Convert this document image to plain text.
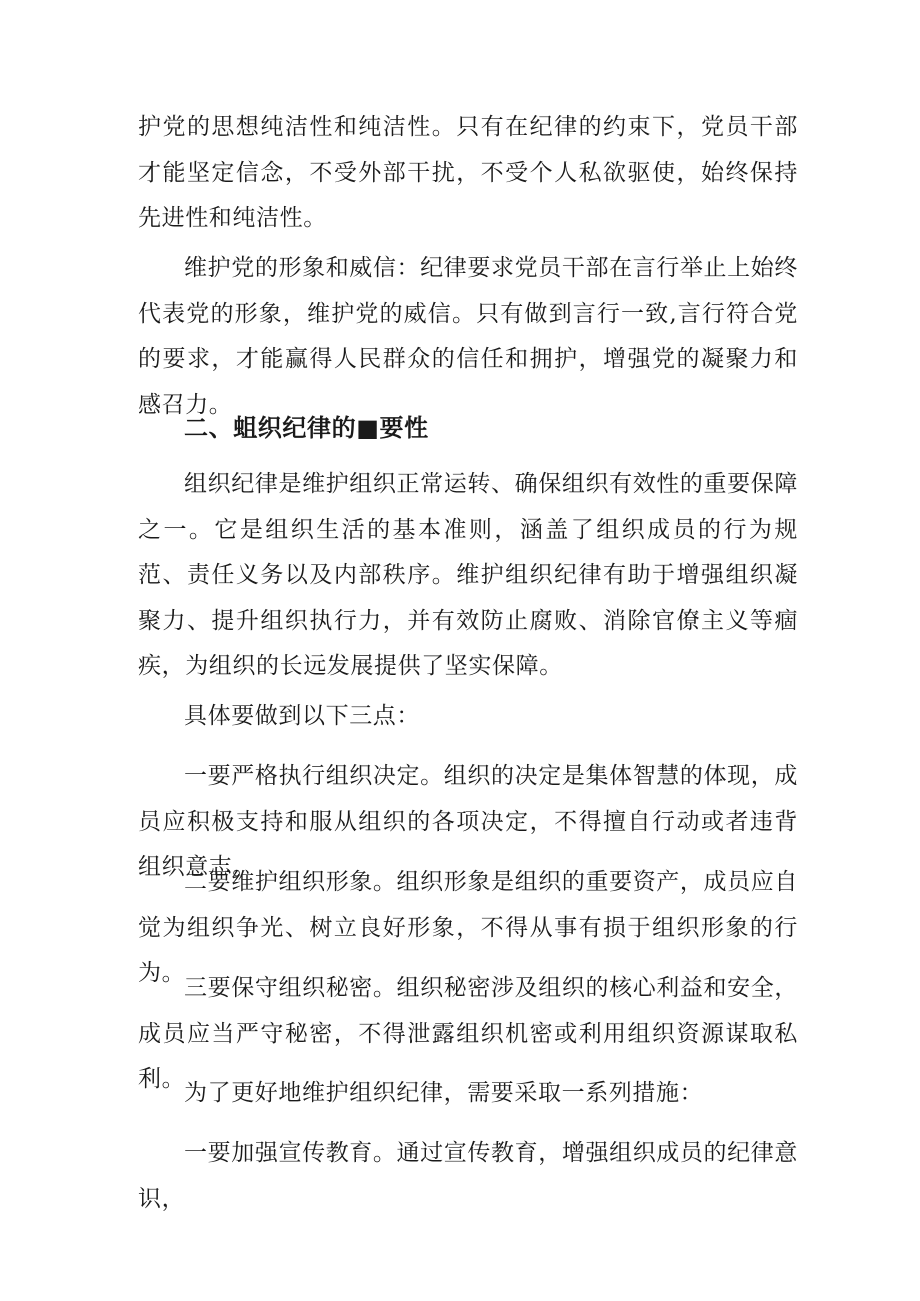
护党的思想纯洁性和纯洁性。只有在纪律的约束下，党员干部才能坚定信念，不受外部干扰，不受个人私欲驱使，始终保持先进性和纯洁性。

维护党的形象和威信：纪律要求党员干部在言行举止上始终代表党的形象，维护党的威信。只有做到言行一致,言行符合党的要求，才能赢得人民群众的信任和拥护，增强党的凝聚力和感召力。

二、蛆织纪律的■要性

组织纪律是维护组织正常运转、确保组织有效性的重要保障之一。它是组织生活的基本准则，涵盖了组织成员的行为规范、责任义务以及内部秩序。维护组织纪律有助于增强组织凝聚力、提升组织执行力，并有效防止腐败、消除官僚主义等痼疾，为组织的长远发展提供了坚实保障。

具体要做到以下三点：

一要严格执行组织决定。组织的决定是集体智慧的体现，成员应积极支持和服从组织的各项决定，不得擅自行动或者违背组织意志。

二要维护组织形象。组织形象是组织的重要资产，成员应自觉为组织争光、树立良好形象，不得从事有损于组织形象的行为。

三要保守组织秘密。组织秘密涉及组织的核心利益和安全，成员应当严守秘密，不得泄露组织机密或利用组织资源谋取私利。

为了更好地维护组织纪律，需要采取一系列措施：

一要加强宣传教育。通过宣传教育，增强组织成员的纪律意识，
